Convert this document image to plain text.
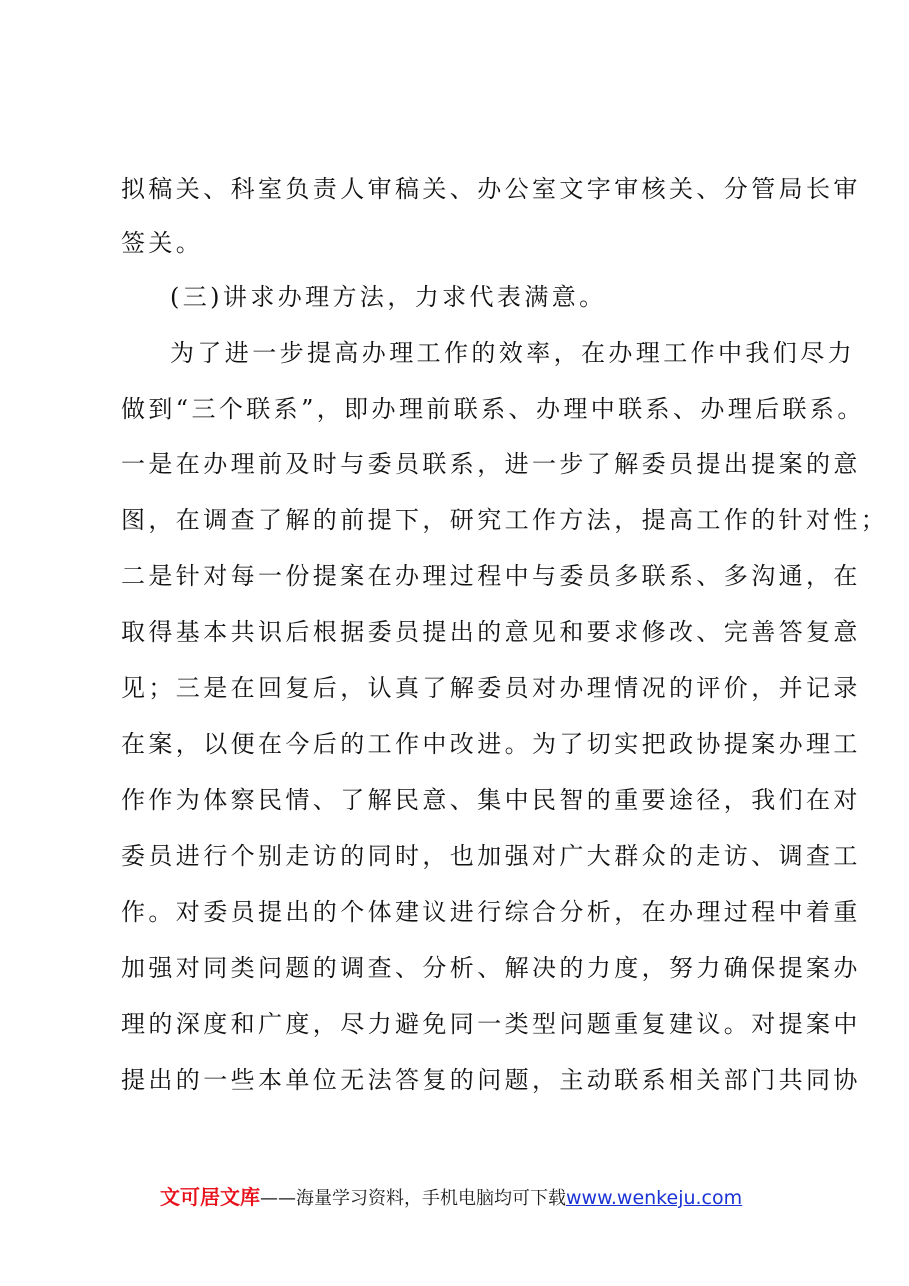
拟稿关、科室负责人审稿关、办公室文字审核关、分管局长审
签关。
(三)讲求办理方法，力求代表满意。
为了进一步提高办理工作的效率，在办理工作中我们尽力
做到“三个联系”，即办理前联系、办理中联系、办理后联系。
一是在办理前及时与委员联系，进一步了解委员提出提案的意
图，在调查了解的前提下，研究工作方法，提高工作的针对性；
二是针对每一份提案在办理过程中与委员多联系、多沟通，在
取得基本共识后根据委员提出的意见和要求修改、完善答复意
见；三是在回复后，认真了解委员对办理情况的评价，并记录
在案，以便在今后的工作中改进。为了切实把政协提案办理工
作作为体察民情、了解民意、集中民智的重要途径，我们在对
委员进行个别走访的同时，也加强对广大群众的走访、调查工
作。对委员提出的个体建议进行综合分析，在办理过程中着重
加强对同类问题的调查、分析、解决的力度，努力确保提案办
理的深度和广度，尽力避免同一类型问题重复建议。对提案中
提出的一些本单位无法答复的问题，主动联系相关部门共同协
文可居文库——海量学习资料，手机电脑均可下载www.wenkeju.com
